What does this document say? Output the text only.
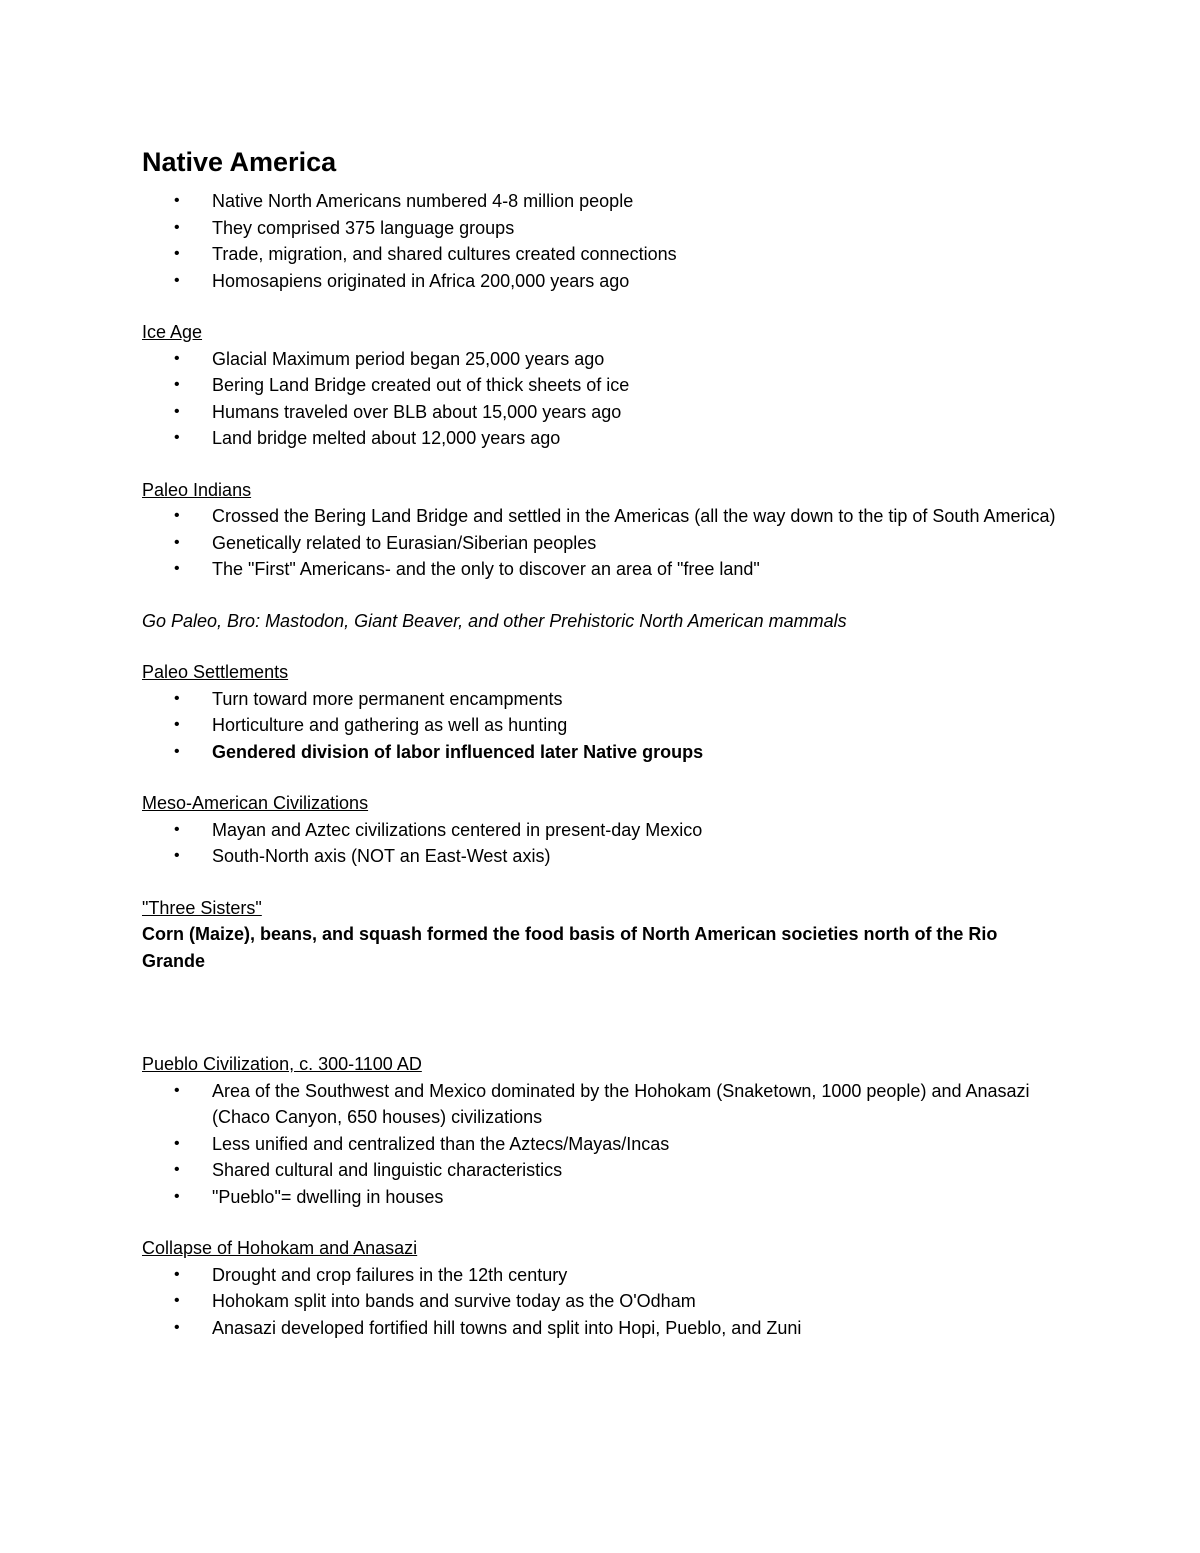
Native America
• Native North Americans numbered 4-8 million people
• They comprised 375 language groups
• Trade, migration, and shared cultures created connections
• Homosapiens originated in Africa 200,000 years ago
Ice Age
• Glacial Maximum period began 25,000 years ago
• Bering Land Bridge created out of thick sheets of ice
• Humans traveled over BLB about 15,000 years ago
• Land bridge melted about 12,000 years ago
Paleo Indians
• Crossed the Bering Land Bridge and settled in the Americas (all the way down to the tip of South America)
• Genetically related to Eurasian/Siberian peoples
• The "First" Americans- and the only to discover an area of "free land"
Go Paleo, Bro: Mastodon, Giant Beaver, and other Prehistoric North American mammals
Paleo Settlements
• Turn toward more permanent encampments
• Horticulture and gathering as well as hunting
• Gendered division of labor influenced later Native groups
Meso-American Civilizations
• Mayan and Aztec civilizations centered in present-day Mexico
• South-North axis (NOT an East-West axis)
"Three Sisters"
Corn (Maize), beans, and squash formed the food basis of North American societies north of the Rio Grande
Pueblo Civilization, c. 300-1100 AD
• Area of the Southwest and Mexico dominated by the Hohokam (Snaketown, 1000 people) and Anasazi (Chaco Canyon, 650 houses) civilizations
• Less unified and centralized than the Aztecs/Mayas/Incas
• Shared cultural and linguistic characteristics
• "Pueblo"= dwelling in houses
Collapse of Hohokam and Anasazi
• Drought and crop failures in the 12th century
• Hohokam split into bands and survive today as the O'Odham
• Anasazi developed fortified hill towns and split into Hopi, Pueblo, and Zuni
